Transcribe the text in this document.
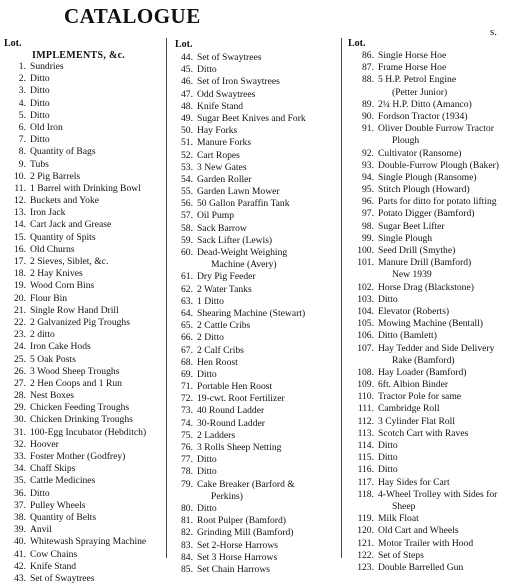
CATALOGUE
s.
Lot.
IMPLEMENTS, &c.
1. Sundries
2. Ditto
3. Ditto
4. Ditto
5. Ditto
6. Old Iron
7. Ditto
8. Quantity of Bags
9. Tubs
10. 2 Pig Barrels
11. 1 Barrel with Drinking Bowl
12. Buckets and Yoke
13. Iron Jack
14. Cart Jack and Grease
15. Quantity of Spits
16. Old Churns
17. 2 Sieves, Siblet, &c.
18. 2 Hay Knives
19. Wood Corn Bins
20. Flour Bin
21. Single Row Hand Drill
22. 2 Galvanized Pig Troughs
23. 2 ditto
24. Iron Cake Hods
25. 5 Oak Posts
26. 3 Wood Sheep Troughs
27. 2 Hen Coops and 1 Run
28. Nest Boxes
29. Chicken Feeding Troughs
30. Chicken Drinking Troughs
31. 100-Egg Incubator (Hebditch)
32. Hoover
33. Foster Mother (Godfrey)
34. Chaff Skips
35. Cattle Medicines
36. Ditto
37. Pulley Wheels
38. Quantity of Belts
39. Anvil
40. Whitewash Spraying Machine
41. Cow Chains
42. Knife Stand
43. Set of Swaytrees
Lot.
44. Set of Swaytrees
45. Ditto
46. Set of Iron Swaytrees
47. Odd Swaytrees
48. Knife Stand
49. Sugar Beet Knives and Fork
50. Hay Forks
51. Manure Forks
52. Cart Ropes
53. 3 New Gates
54. Garden Roller
55. Garden Lawn Mower
56. 50 Gallon Paraffin Tank
57. Oil Pump
58. Sack Barrow
59. Sack Lifter (Lewis)
60. Dead-Weight Weighing
Machine (Avery)
61. Dry Pig Feeder
62. 2 Water Tanks
63. 1 Ditto
64. Shearing Machine (Stewart)
65. 2 Cattle Cribs
66. 2 Ditto
67. 2 Calf Cribs
68. Hen Roost
69. Ditto
71. Portable Hen Roost
72. 19-cwt. Root Fertilizer
73. 40 Round Ladder
74. 30-Round Ladder
75. 2 Ladders
76. 3 Rolls Sheep Netting
77. Ditto
78. Ditto
79. Cake Breaker (Barford &
Perkins)
80. Ditto
81. Root Pulper (Bamford)
82. Grinding Mill (Bamford)
83. Set 2-Horse Harrows
84. Set 3 Horse Harrows
85. Set Chain Harrows
Lot.
86. Single Horse Hoe
87. Frame Horse Hoe
88. 5 H.P. Petrol Engine
(Petter Junior)
89. 2¼ H.P. Ditto (Amanco)
90. Fordson Tractor (1934)
91. Oliver Double Furrow Tractor
Plough
92. Cultivator (Ransome)
93. Double-Furrow Plough (Baker)
94. Single Plough (Ransome)
95. Stitch Plough (Howard)
96. Parts for ditto for potato lifting
97. Potato Digger (Bamford)
98. Sugar Beet Lifter
99. Single Plough
100. Seed Drill (Smythe)
101. Manure Drill (Bamford)
New 1939
102. Horse Drag (Blackstone)
103. Ditto
104. Elevator (Roberts)
105. Mowing Machine (Bentall)
106. Ditto (Bamlett)
107. Hay Tedder and Side Delivery
Rake (Bamford)
108. Hay Loader (Bamford)
109. 6ft. Albion Binder
110. Tractor Pole for same
111. Cambridge Roll
112. 3 Cylinder Flat Roll
113. Scotch Cart with Raves
114. Ditto
115. Ditto
116. Ditto
117. Hay Sides for Cart
118. 4-Wheel Trolley with Sides for
Sheep
119. Milk Float
120. Old Cart and Wheels
121. Motor Trailer with Hood
122. Set of Steps
123. Double Barrelled Gun
